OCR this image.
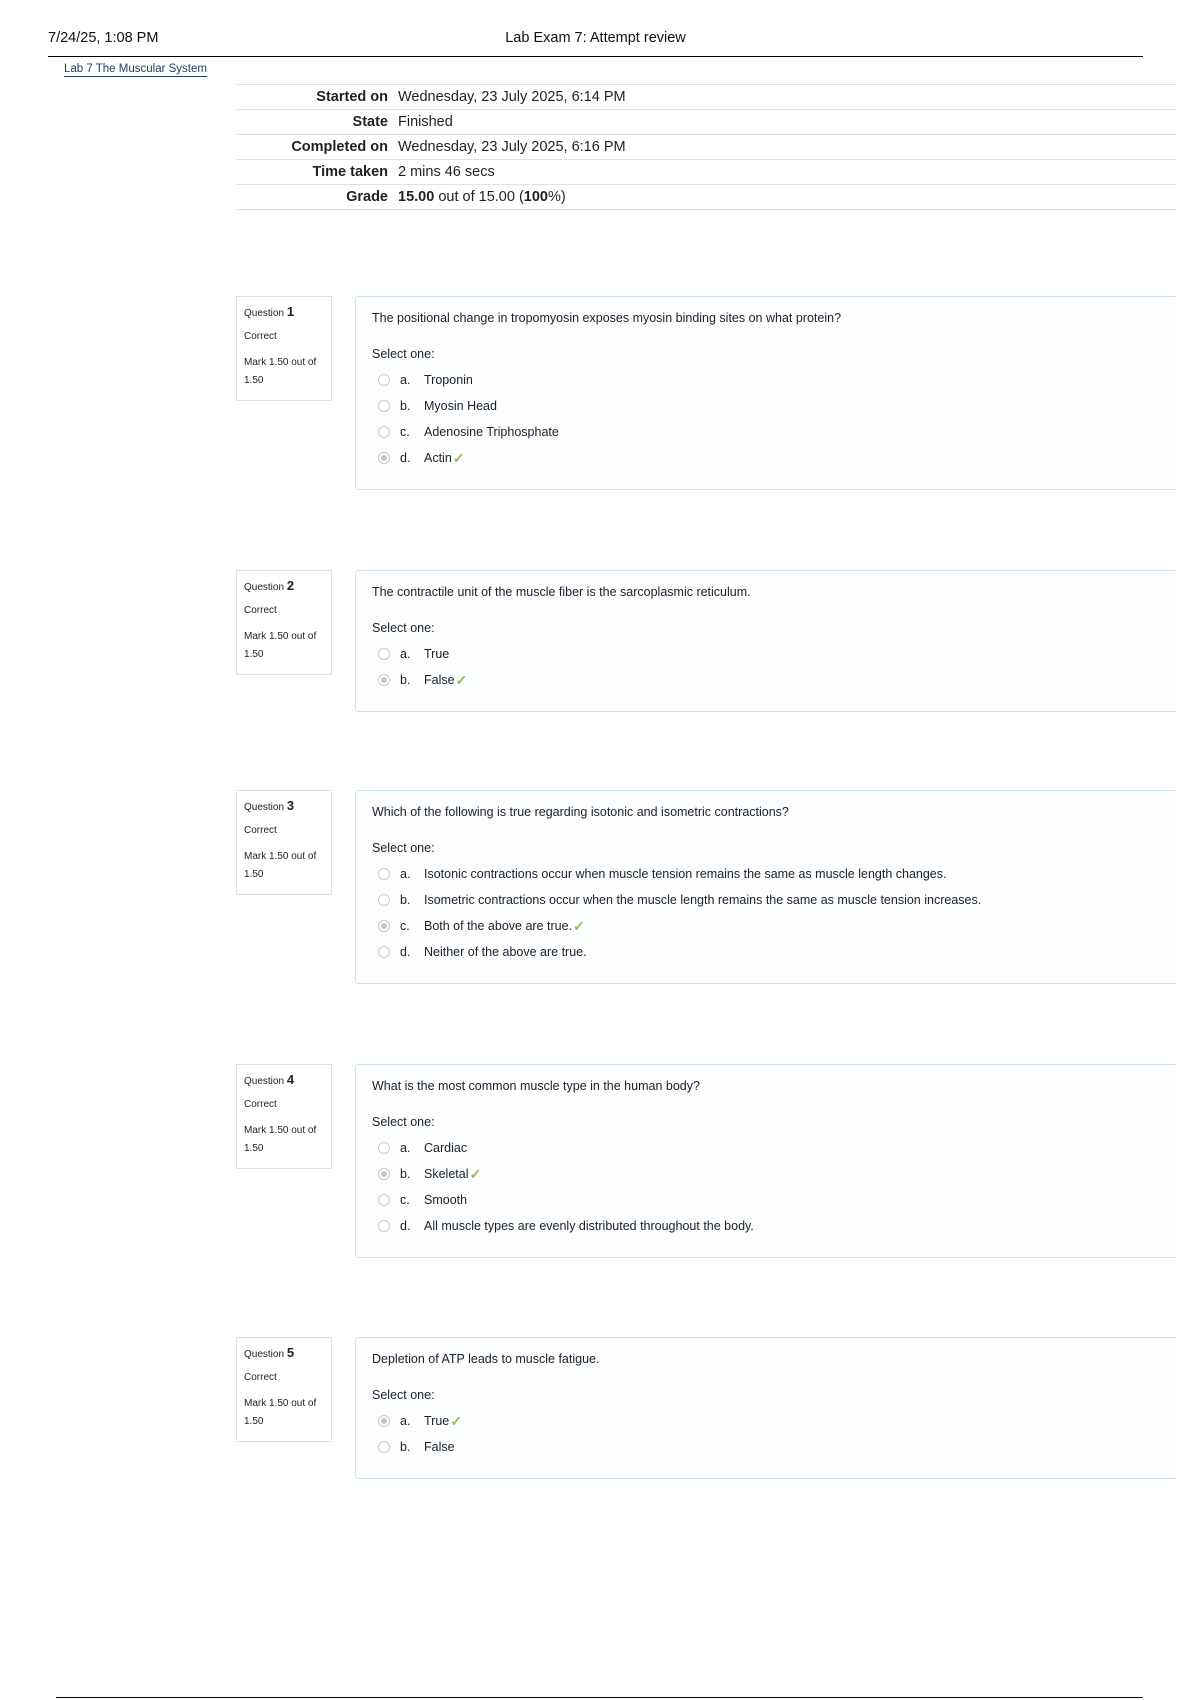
7/24/25, 1:08 PM	Lab Exam 7: Attempt review
Lab 7 The Muscular System
Started on	Wednesday, 23 July 2025, 6:14 PM
State	Finished
Completed on	Wednesday, 23 July 2025, 6:16 PM
Time taken	2 mins 46 secs
Grade	15.00 out of 15.00 (100%)
Question 1
Correct
Mark 1.50 out of 1.50
The positional change in tropomyosin exposes myosin binding sites on what protein?
Select one:
a.	Troponin
b.	Myosin Head
c.	Adenosine Triphosphate
d.	Actin ✓
Question 2
Correct
Mark 1.50 out of 1.50
The contractile unit of the muscle fiber is the sarcoplasmic reticulum.
Select one:
a.	True
b.	False ✓
Question 3
Correct
Mark 1.50 out of 1.50
Which of the following is true regarding isotonic and isometric contractions?
Select one:
a.	Isotonic contractions occur when muscle tension remains the same as muscle length changes.
b.	Isometric contractions occur when the muscle length remains the same as muscle tension increases.
c.	Both of the above are true. ✓
d.	Neither of the above are true.
Question 4
Correct
Mark 1.50 out of 1.50
What is the most common muscle type in the human body?
Select one:
a.	Cardiac
b.	Skeletal ✓
c.	Smooth
d.	All muscle types are evenly distributed throughout the body.
Question 5
Correct
Mark 1.50 out of 1.50
Depletion of ATP leads to muscle fatigue.
Select one:
a.	True ✓
b.	False
